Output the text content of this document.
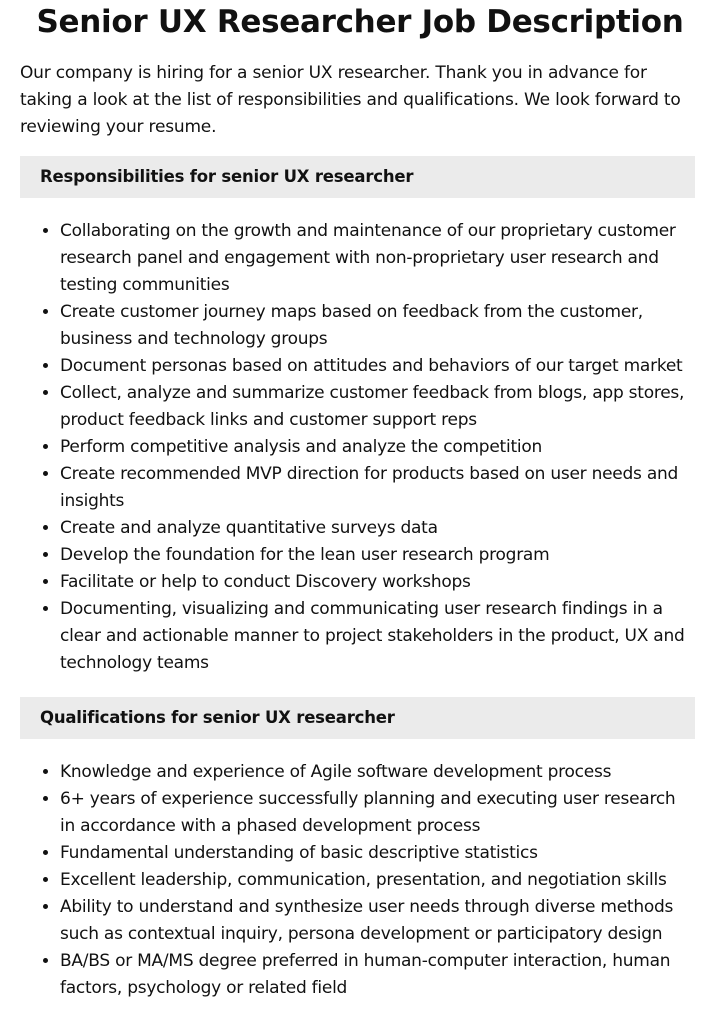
Senior UX Researcher Job Description

Our company is hiring for a senior UX researcher. Thank you in advance for taking a look at the list of responsibilities and qualifications. We look forward to reviewing your resume.

Responsibilities for senior UX researcher
• Collaborating on the growth and maintenance of our proprietary customer research panel and engagement with non-proprietary user research and testing communities
• Create customer journey maps based on feedback from the customer, business and technology groups
• Document personas based on attitudes and behaviors of our target market
• Collect, analyze and summarize customer feedback from blogs, app stores, product feedback links and customer support reps
• Perform competitive analysis and analyze the competition
• Create recommended MVP direction for products based on user needs and insights
• Create and analyze quantitative surveys data
• Develop the foundation for the lean user research program
• Facilitate or help to conduct Discovery workshops
• Documenting, visualizing and communicating user research findings in a clear and actionable manner to project stakeholders in the product, UX and technology teams
Qualifications for senior UX researcher
• Knowledge and experience of Agile software development process
• 6+ years of experience successfully planning and executing user research in accordance with a phased development process
• Fundamental understanding of basic descriptive statistics
• Excellent leadership, communication, presentation, and negotiation skills
• Ability to understand and synthesize user needs through diverse methods such as contextual inquiry, persona development or participatory design
• BA/BS or MA/MS degree preferred in human-computer interaction, human factors, psychology or related field
